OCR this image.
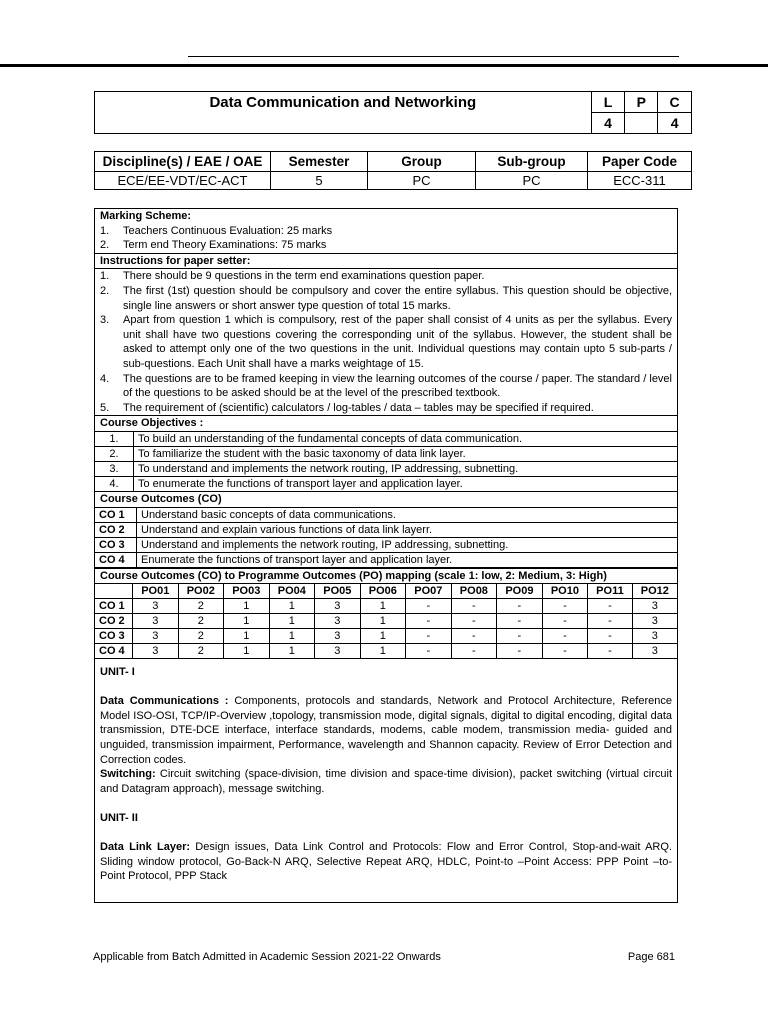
Data Communication and Networking	L	P	C
	4		4
Discipline(s) / EAE / OAE	Semester	Group	Sub-group	Paper Code
ECE/EE-VDT/EC-ACT	5	PC	PC	ECC-311
Marking Scheme:
1.	Teachers Continuous Evaluation: 25 marks
2.	Term end Theory Examinations: 75 marks
Instructions for paper setter:
1.	There should be 9 questions in the term end examinations question paper.
2.	The first (1st) question should be compulsory and cover the entire syllabus. This question should be objective, single line answers or short answer type question of total 15 marks.
3.	Apart from question 1 which is compulsory, rest of the paper shall consist of 4 units as per the syllabus. Every unit shall have two questions covering the corresponding unit of the syllabus. However, the student shall be asked to attempt only one of the two questions in the unit. Individual questions may contain upto 5 sub-parts / sub-questions. Each Unit shall have a marks weightage of 15.
4.	The questions are to be framed keeping in view the learning outcomes of the course / paper. The standard / level of the questions to be asked should be at the level of the prescribed textbook.
5.	The requirement of (scientific) calculators / log-tables / data – tables may be specified if required.
Course Objectives :
1.	To build an understanding of the fundamental concepts of data communication.
2.	To familiarize the student with the basic taxonomy of data link layer.
3.	To understand and implements the network routing, IP addressing, subnetting.
4.	To enumerate the functions of transport layer and application layer.
Course Outcomes (CO)
CO 1	Understand basic concepts of data communications.
CO 2	Understand and explain various functions of data link layerr.
CO 3	Understand and implements the network routing, IP addressing, subnetting.
CO 4	Enumerate the functions of transport layer and application layer.
Course Outcomes (CO) to Programme Outcomes (PO) mapping (scale 1: low, 2: Medium, 3: High)
	PO01	PO02	PO03	PO04	PO05	PO06	PO07	PO08	PO09	PO10	PO11	PO12
CO 1	3	2	1	1	3	1	-	-	-	-	-	3
CO 2	3	2	1	1	3	1	-	-	-	-	-	3
CO 3	3	2	1	1	3	1	-	-	-	-	-	3
CO 4	3	2	1	1	3	1	-	-	-	-	-	3

UNIT- I

Data Communications : Components, protocols and standards, Network and Protocol Architecture, Reference Model ISO-OSI, TCP/IP-Overview ,topology, transmission mode, digital signals, digital to digital encoding, digital data transmission, DTE-DCE interface, interface standards, modems, cable modem, transmission media- guided and unguided, transmission impairment, Performance, wavelength and Shannon capacity. Review of Error Detection and Correction codes.

Switching: Circuit switching (space-division, time division and space-time division), packet switching (virtual circuit and Datagram approach), message switching.

UNIT- II

Data Link Layer: Design issues, Data Link Control and Protocols: Flow and Error Control, Stop-and-wait ARQ. Sliding window protocol, Go-Back-N ARQ, Selective Repeat ARQ, HDLC, Point-to –Point Access: PPP Point –to- Point Protocol, PPP Stack

Applicable from Batch Admitted in Academic Session 2021-22 Onwards	Page 681
